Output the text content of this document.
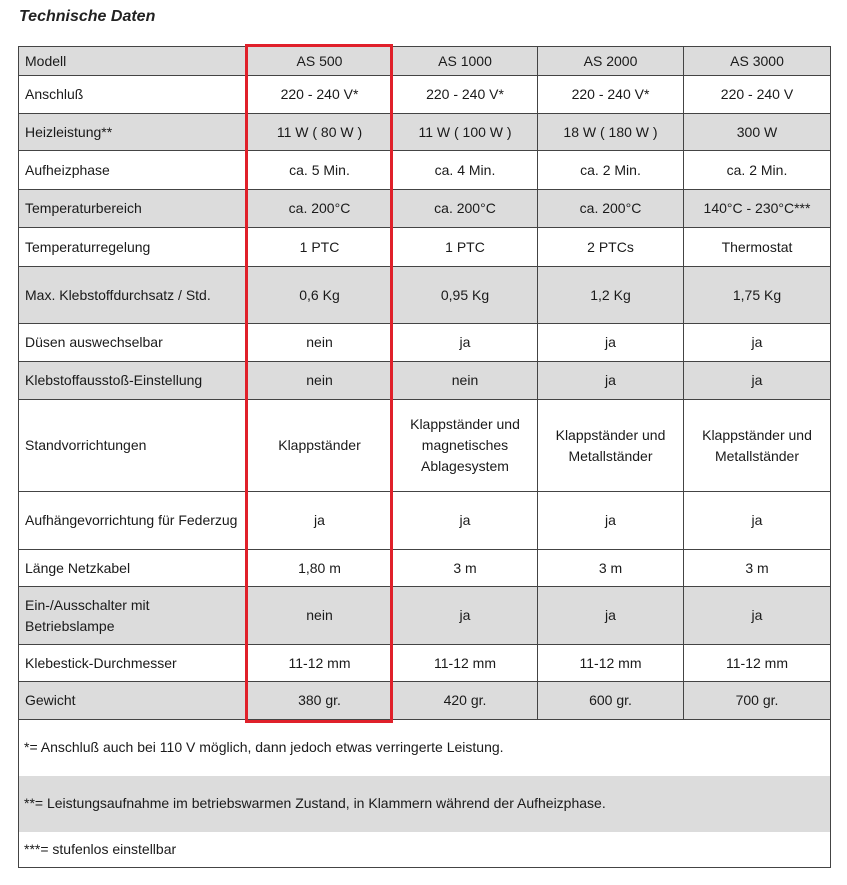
Technische Daten
Modell	AS 500	AS 1000	AS 2000	AS 3000
Anschluß	220 - 240 V*	220 - 240 V*	220 - 240 V*	220 - 240 V
Heizleistung**	11 W ( 80 W )	11 W ( 100 W )	18 W ( 180 W )	300 W
Aufheizphase	ca. 5 Min.	ca. 4 Min.	ca. 2 Min.	ca. 2 Min.
Temperaturbereich	ca. 200°C	ca. 200°C	ca. 200°C	140°C - 230°C***
Temperaturregelung	1 PTC	1 PTC	2 PTCs	Thermostat
Max. Klebstoffdurchsatz / Std.	0,6 Kg	0,95 Kg	1,2 Kg	1,75 Kg
Düsen auswechselbar	nein	ja	ja	ja
Klebstoffausstoß-Einstellung	nein	nein	ja	ja
Standvorrichtungen	Klappständer	Klappständer und magnetisches Ablagesystem	Klappständer und Metallständer	Klappständer und Metallständer
Aufhängevorrichtung für Federzug	ja	ja	ja	ja
Länge Netzkabel	1,80 m	3 m	3 m	3 m
Ein-/Ausschalter mit Betriebslampe	nein	ja	ja	ja
Klebestick-Durchmesser	11-12 mm	11-12 mm	11-12 mm	11-12 mm
Gewicht	380 gr.	420 gr.	600 gr.	700 gr.
*= Anschluß auch bei 110 V möglich, dann jedoch etwas verringerte Leistung.				
**= Leistungsaufnahme im betriebswarmen Zustand, in Klammern während der Aufheizphase.				
***= stufenlos einstellbar				
